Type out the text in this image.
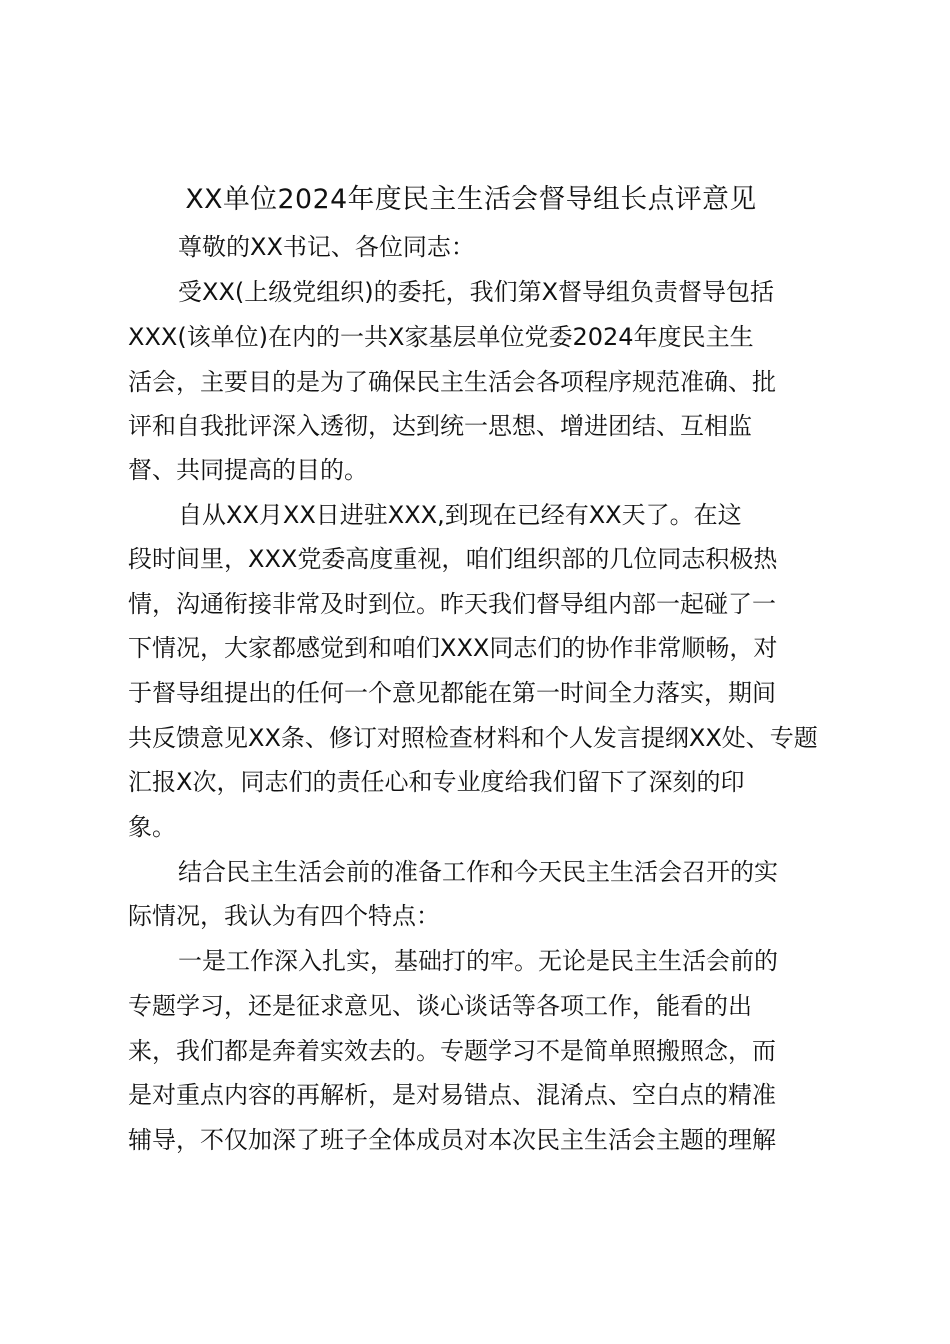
XX单位2024年度民主生活会督导组长点评意见
尊敬的XX书记、各位同志：
受XX(上级党组织)的委托，我们第X督导组负责督导包括
XXX(该单位)在内的一共X家基层单位党委2024年度民主生
活会，主要目的是为了确保民主生活会各项程序规范准确、批
评和自我批评深入透彻，达到统一思想、增进团结、互相监
督、共同提高的目的。
自从XX月XX日进驻XXX,到现在已经有XX天了。在这
段时间里，XXX党委高度重视，咱们组织部的几位同志积极热
情，沟通衔接非常及时到位。昨天我们督导组内部一起碰了一
下情况，大家都感觉到和咱们XXX同志们的协作非常顺畅，对
于督导组提出的任何一个意见都能在第一时间全力落实，期间
共反馈意见XX条、修订对照检查材料和个人发言提纲XX处、专题
汇报X次，同志们的责任心和专业度给我们留下了深刻的印
象。
结合民主生活会前的准备工作和今天民主生活会召开的实
际情况，我认为有四个特点：
一是工作深入扎实，基础打的牢。无论是民主生活会前的
专题学习，还是征求意见、谈心谈话等各项工作，能看的出
来，我们都是奔着实效去的。专题学习不是简单照搬照念，而
是对重点内容的再解析，是对易错点、混淆点、空白点的精准
辅导，不仅加深了班子全体成员对本次民主生活会主题的理解
